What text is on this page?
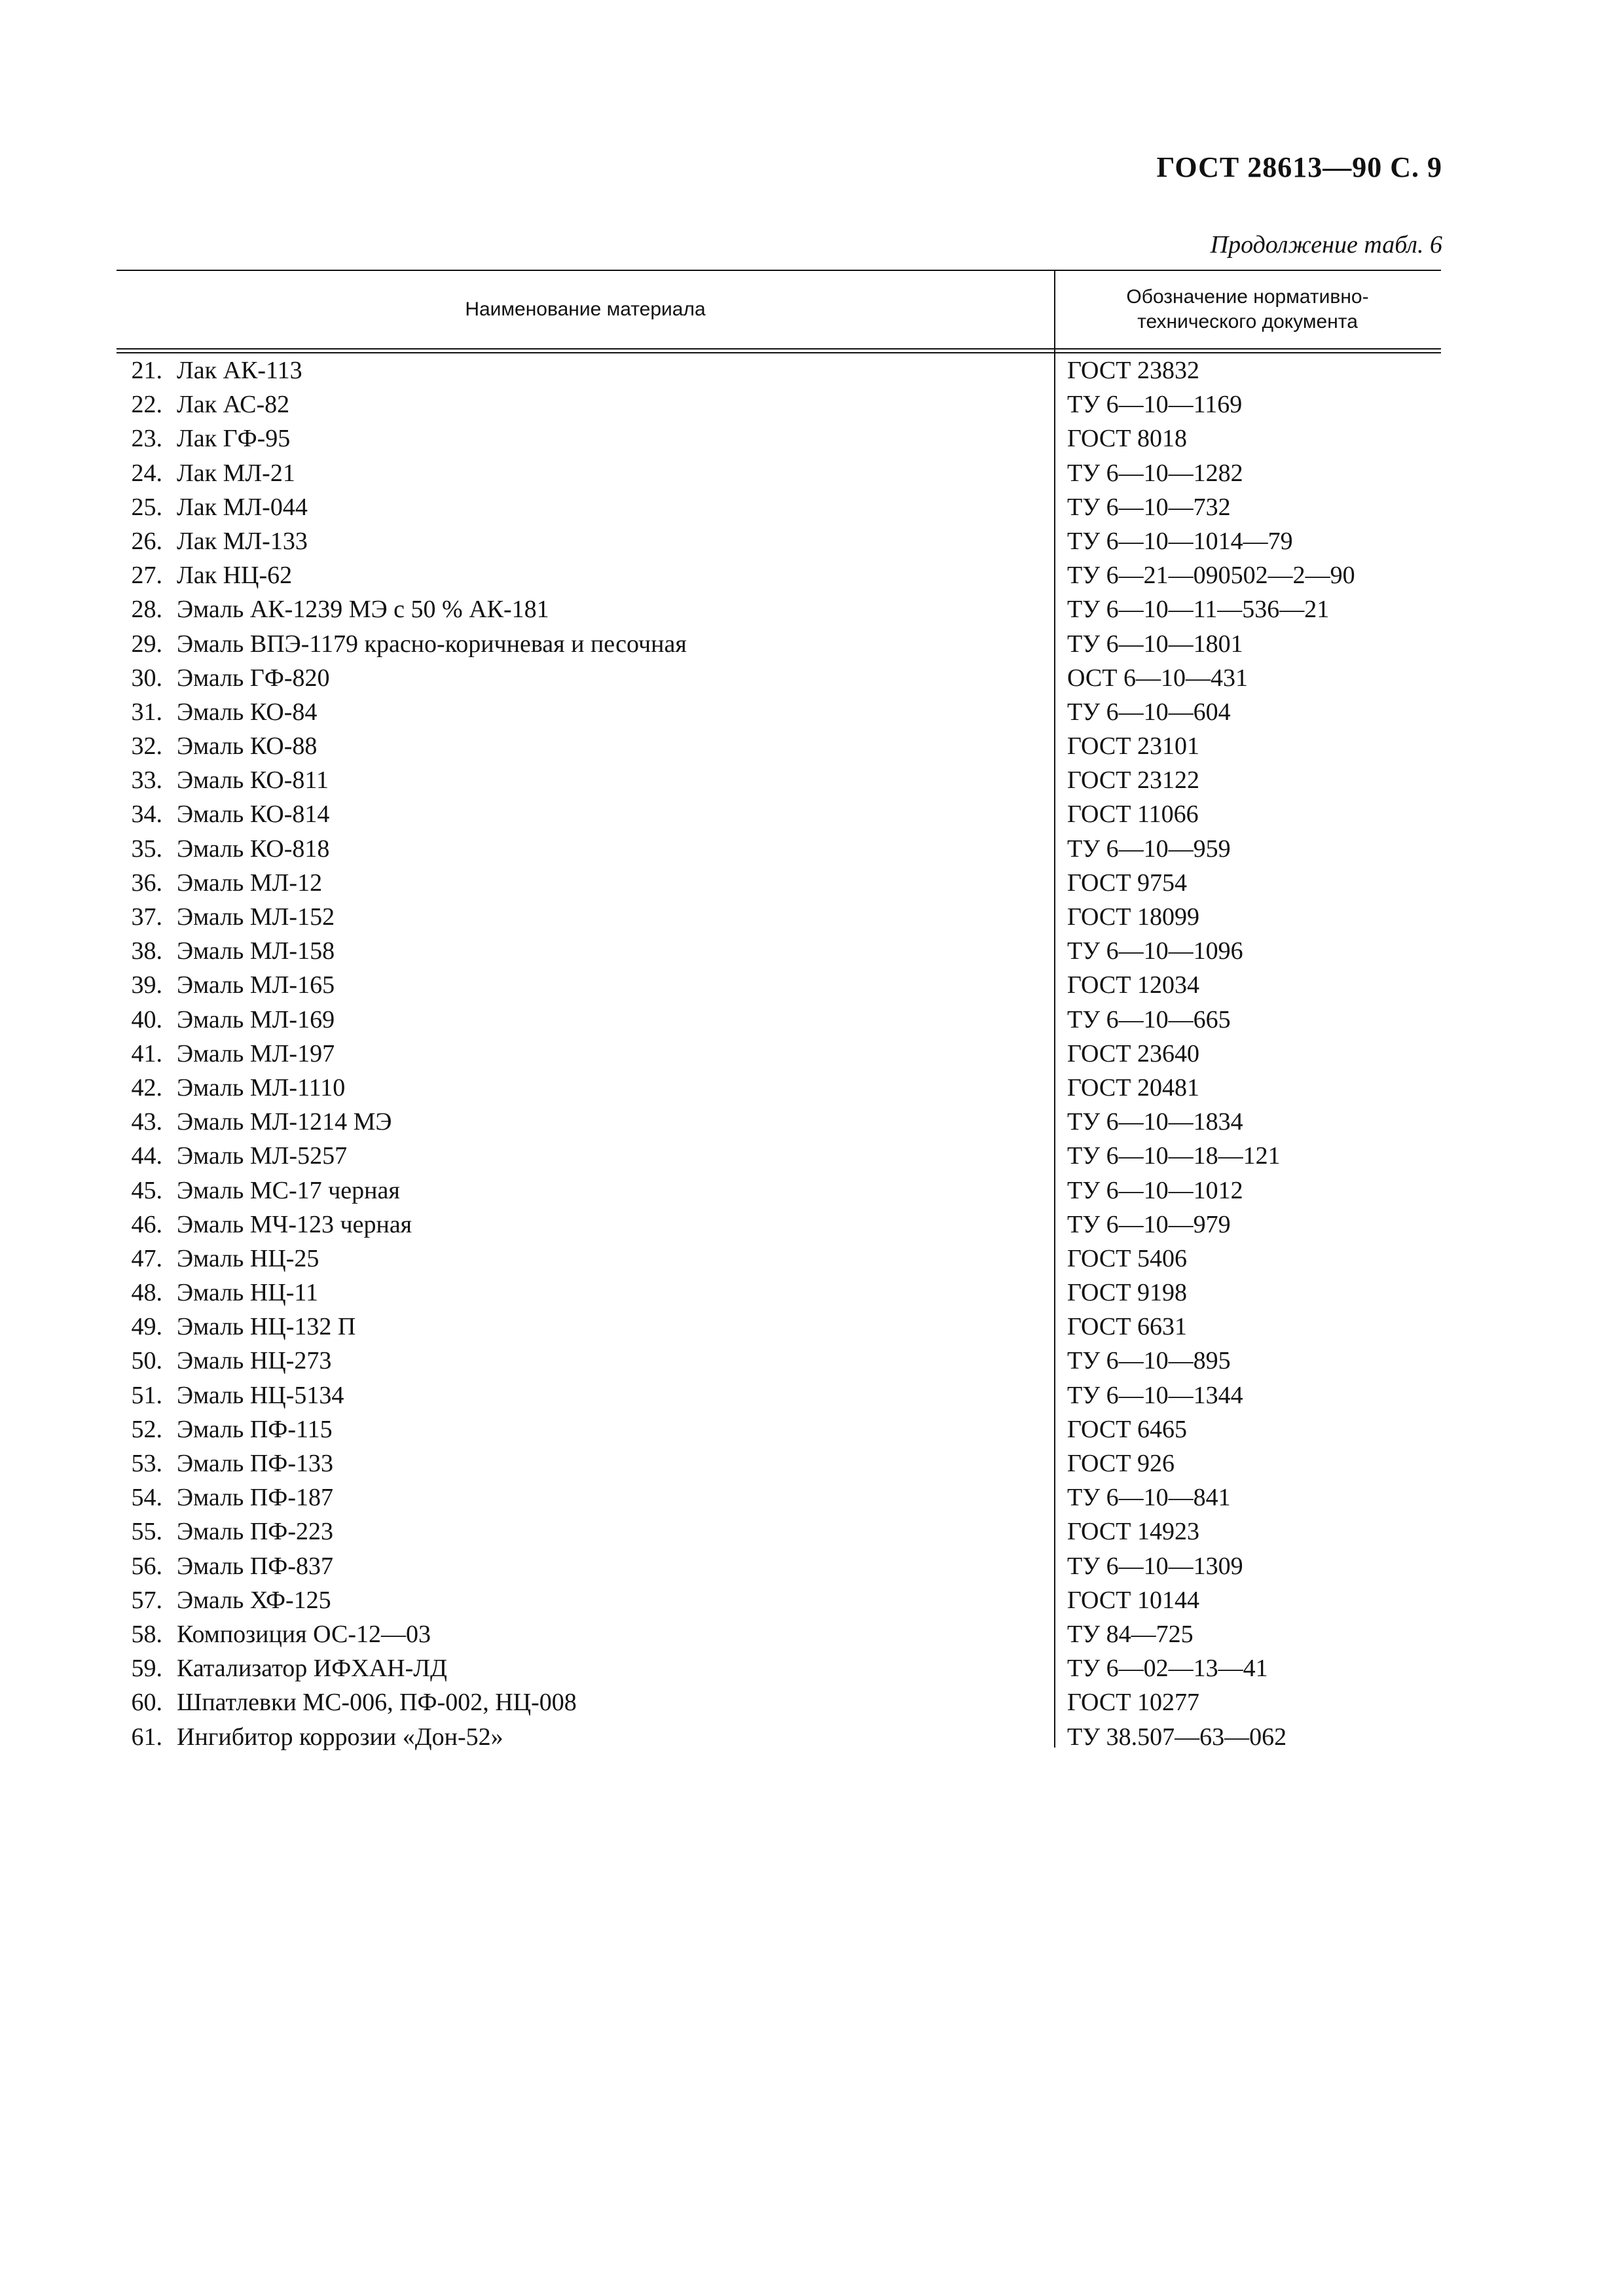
ГОСТ 28613—90 С. 9
Продолжение табл. 6
Наименование материала
Обозначение нормативно-
технического документа
21. Лак АК-113	ГОСТ 23832
22. Лак АС-82	ТУ 6—10—1169
23. Лак ГФ-95	ГОСТ 8018
24. Лак МЛ-21	ТУ 6—10—1282
25. Лак МЛ-044	ТУ 6—10—732
26. Лак МЛ-133	ТУ 6—10—1014—79
27. Лак НЦ-62	ТУ 6—21—090502—2—90
28. Эмаль АК-1239 МЭ с 50 % АК-181	ТУ 6—10—11—536—21
29. Эмаль ВПЭ-1179 красно-коричневая и песочная	ТУ 6—10—1801
30. Эмаль ГФ-820	ОСТ 6—10—431
31. Эмаль КО-84	ТУ 6—10—604
32. Эмаль КО-88	ГОСТ 23101
33. Эмаль КО-811	ГОСТ 23122
34. Эмаль КО-814	ГОСТ 11066
35. Эмаль КО-818	ТУ 6—10—959
36. Эмаль МЛ-12	ГОСТ 9754
37. Эмаль МЛ-152	ГОСТ 18099
38. Эмаль МЛ-158	ТУ 6—10—1096
39. Эмаль МЛ-165	ГОСТ 12034
40. Эмаль МЛ-169	ТУ 6—10—665
41. Эмаль МЛ-197	ГОСТ 23640
42. Эмаль МЛ-1110	ГОСТ 20481
43. Эмаль МЛ-1214 МЭ	ТУ 6—10—1834
44. Эмаль МЛ-5257	ТУ 6—10—18—121
45. Эмаль МС-17 черная	ТУ 6—10—1012
46. Эмаль МЧ-123 черная	ТУ 6—10—979
47. Эмаль НЦ-25	ГОСТ 5406
48. Эмаль НЦ-11	ГОСТ 9198
49. Эмаль НЦ-132 П	ГОСТ 6631
50. Эмаль НЦ-273	ТУ 6—10—895
51. Эмаль НЦ-5134	ТУ 6—10—1344
52. Эмаль ПФ-115	ГОСТ 6465
53. Эмаль ПФ-133	ГОСТ 926
54. Эмаль ПФ-187	ТУ 6—10—841
55. Эмаль ПФ-223	ГОСТ 14923
56. Эмаль ПФ-837	ТУ 6—10—1309
57. Эмаль ХФ-125	ГОСТ 10144
58. Композиция ОС-12—03	ТУ 84—725
59. Катализатор ИФХАН-ЛД	ТУ 6—02—13—41
60. Шпатлевки МС-006, ПФ-002, НЦ-008	ГОСТ 10277
61. Ингибитор коррозии «Дон-52»	ТУ 38.507—63—062
